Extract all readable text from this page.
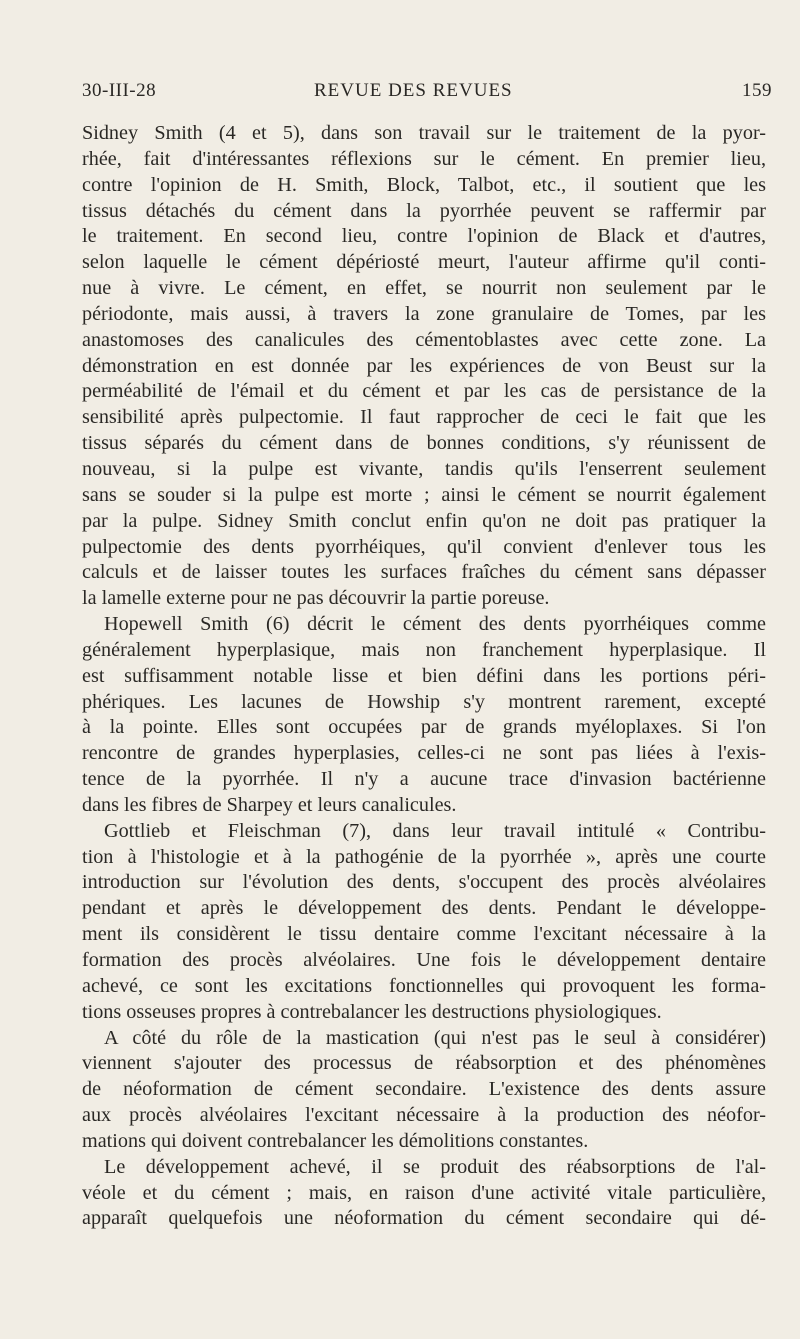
30-III-28	REVUE DES REVUES	159
Sidney Smith (4 et 5), dans son travail sur le traitement de la pyor-
rhée, fait d'intéressantes réflexions sur le cément. En premier lieu,
contre l'opinion de H. Smith, Block, Talbot, etc., il soutient que les
tissus détachés du cément dans la pyorrhée peuvent se raffermir par
le traitement. En second lieu, contre l'opinion de Black et d'autres,
selon laquelle le cément dépériosté meurt, l'auteur affirme qu'il conti-
nue à vivre. Le cément, en effet, se nourrit non seulement par le
périodonte, mais aussi, à travers la zone granulaire de Tomes, par les
anastomoses des canalicules des cémentoblastes avec cette zone. La
démonstration en est donnée par les expériences de von Beust sur la
perméabilité de l'émail et du cément et par les cas de persistance de la
sensibilité après pulpectomie. Il faut rapprocher de ceci le fait que les
tissus séparés du cément dans de bonnes conditions, s'y réunissent de
nouveau, si la pulpe est vivante, tandis qu'ils l'enserrent seulement
sans se souder si la pulpe est morte ; ainsi le cément se nourrit également
par la pulpe. Sidney Smith conclut enfin qu'on ne doit pas pratiquer la
pulpectomie des dents pyorrhéiques, qu'il convient d'enlever tous les
calculs et de laisser toutes les surfaces fraîches du cément sans dépasser
la lamelle externe pour ne pas découvrir la partie poreuse.
Hopewell Smith (6) décrit le cément des dents pyorrhéiques comme
généralement hyperplasique, mais non franchement hyperplasique. Il
est suffisamment notable lisse et bien défini dans les portions péri-
phériques. Les lacunes de Howship s'y montrent rarement, excepté
à la pointe. Elles sont occupées par de grands myéloplaxes. Si l'on
rencontre de grandes hyperplasies, celles-ci ne sont pas liées à l'exis-
tence de la pyorrhée. Il n'y a aucune trace d'invasion bactérienne
dans les fibres de Sharpey et leurs canalicules.
Gottlieb et Fleischman (7), dans leur travail intitulé « Contribu-
tion à l'histologie et à la pathogénie de la pyorrhée », après une courte
introduction sur l'évolution des dents, s'occupent des procès alvéolaires
pendant et après le développement des dents. Pendant le développe-
ment ils considèrent le tissu dentaire comme l'excitant nécessaire à la
formation des procès alvéolaires. Une fois le développement dentaire
achevé, ce sont les excitations fonctionnelles qui provoquent les forma-
tions osseuses propres à contrebalancer les destructions physiologiques.
A côté du rôle de la mastication (qui n'est pas le seul à considérer)
viennent s'ajouter des processus de réabsorption et des phénomènes
de néoformation de cément secondaire. L'existence des dents assure
aux procès alvéolaires l'excitant nécessaire à la production des néofor-
mations qui doivent contrebalancer les démolitions constantes.
Le développement achevé, il se produit des réabsorptions de l'al-
véole et du cément ; mais, en raison d'une activité vitale particulière,
apparaît quelquefois une néoformation du cément secondaire qui dé-
